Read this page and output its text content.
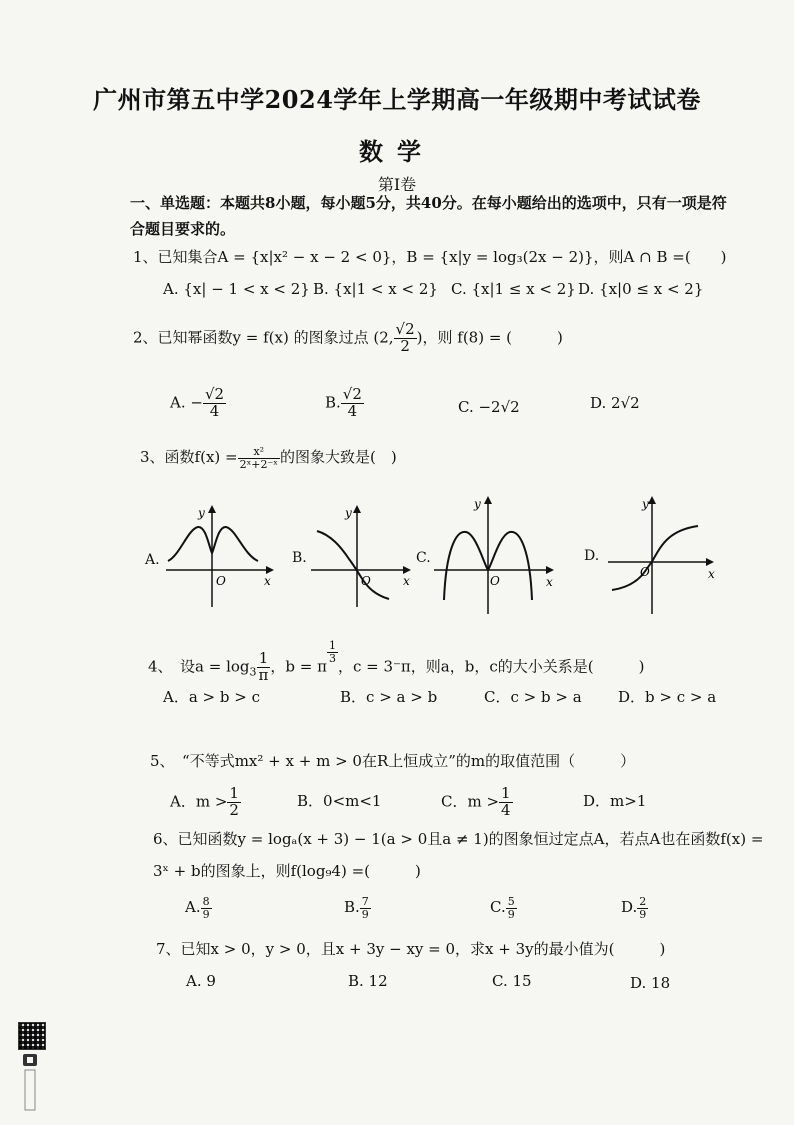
广州市第五中学2024学年上学期高一年级期中考试试卷
数学
第Ⅰ卷
一、单选题：本题共8小题，每小题5分，共40分。在每小题给出的选项中，只有一项是符合题目要求的。
1、已知集合A = {x|x² − x − 2 < 0}，B = {x|y = log₃(2x − 2)}，则A ∩ B =(　　)
A. {x| − 1 < x < 2} B. {x|1 < x < 2} C. {x|1 ≤ x < 2} D. {x|0 ≤ x < 2}
2、已知幂函数y = f(x) 的图象过点 (2, $\frac{√2}{2}$ )，则 f(8) = (　　　)
A. − $\frac{√2}{4}$	B. $\frac{√2}{4}$	C. −2√2	D. 2√2
3、函数$f(x) = \frac{\text{x²}}{\text{2ˣ+2⁻ˣ}}$ 的图象大致是(　)
A.
y
x
O
B.
y
x
O
C.
y
x
O
D.
y
x
O
4、　设$a = \log_3 \frac{1}{\pi}$ ，b = π
$^{\frac{1}{3}}$
，c = 3⁻π，则a，b，c的大小关系是(　　　)
A．a > b > c	B．c > a > b	C．c > b > a D．b > c > a
5、　“不等式mx² + x + m > 0在R上恒成立”的m的取值范围（　　　）
A．$m > \frac{1}{2}$	B．0<m<1	C．$m > \frac{1}{4}$	D．m>1
6、已知函数y = logₐ(x + 3) − 1(a > 0且a ≠ 1)的图象恒过定点A，若点A也在函数f(x) =
3ˣ + b的图象上，则f(log₉4) =(　　　)
A. $\frac{8}{9}$	B. $\frac{7}{9}$	C. $\frac{5}{9}$	D. $\frac{2}{9}$
7、已知x > 0，y > 0，且x + 3y − xy = 0，求x + 3y的最小值为(　　　)
A. 9	B. 12	C. 15	D. 18
